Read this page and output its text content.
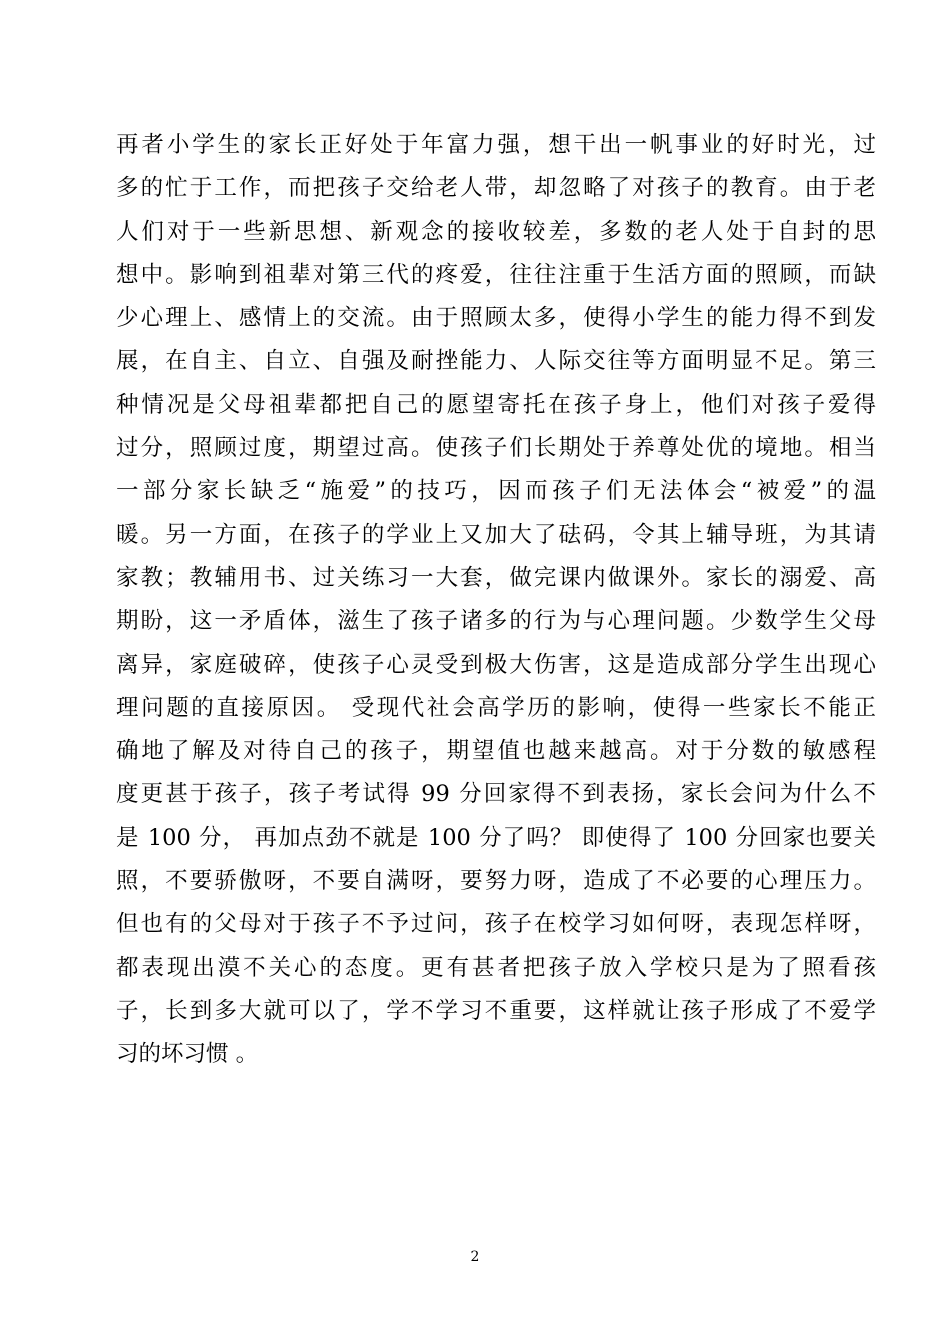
再者小学生的家长正好处于年富力强，想干出一帆事业的好时光，过
多的忙于工作，而把孩子交给老人带，却忽略了对孩子的教育。由于老
人们对于一些新思想、新观念的接收较差，多数的老人处于自封的思
想中。影响到祖辈对第三代的疼爱，往往注重于生活方面的照顾，而缺
少心理上、感情上的交流。由于照顾太多，使得小学生的能力得不到发
展，在自主、自立、自强及耐挫能力、人际交往等方面明显不足。第三
种情况是父母祖辈都把自己的愿望寄托在孩子身上，他们对孩子爱得
过分，照顾过度，期望过高。使孩子们长期处于养尊处优的境地。相当
一部分家长缺乏“施爱”的技巧，因而孩子们无法体会“被爱”的温
暖。另一方面，在孩子的学业上又加大了砝码，令其上辅导班，为其请
家教；教辅用书、过关练习一大套，做完课内做课外。家长的溺爱、高
期盼，这一矛盾体，滋生了孩子诸多的行为与心理问题。少数学生父母
离异，家庭破碎，使孩子心灵受到极大伤害，这是造成部分学生出现心
理问题的直接原因。 受现代社会高学历的影响，使得一些家长不能正
确地了解及对待自己的孩子，期望值也越来越高。对于分数的敏感程
度更甚于孩子，孩子考试得 99 分回家得不到表扬，家长会问为什么不
是 100 分， 再加点劲不就是 100 分了吗？ 即使得了 100 分回家也要关
照，不要骄傲呀，不要自满呀，要努力呀，造成了不必要的心理压力。
但也有的父母对于孩子不予过问，孩子在校学习如何呀，表现怎样呀，
都表现出漠不关心的态度。更有甚者把孩子放入学校只是为了照看孩
子，长到多大就可以了，学不学习不重要，这样就让孩子形成了不爱学
习的坏习惯 。
2
